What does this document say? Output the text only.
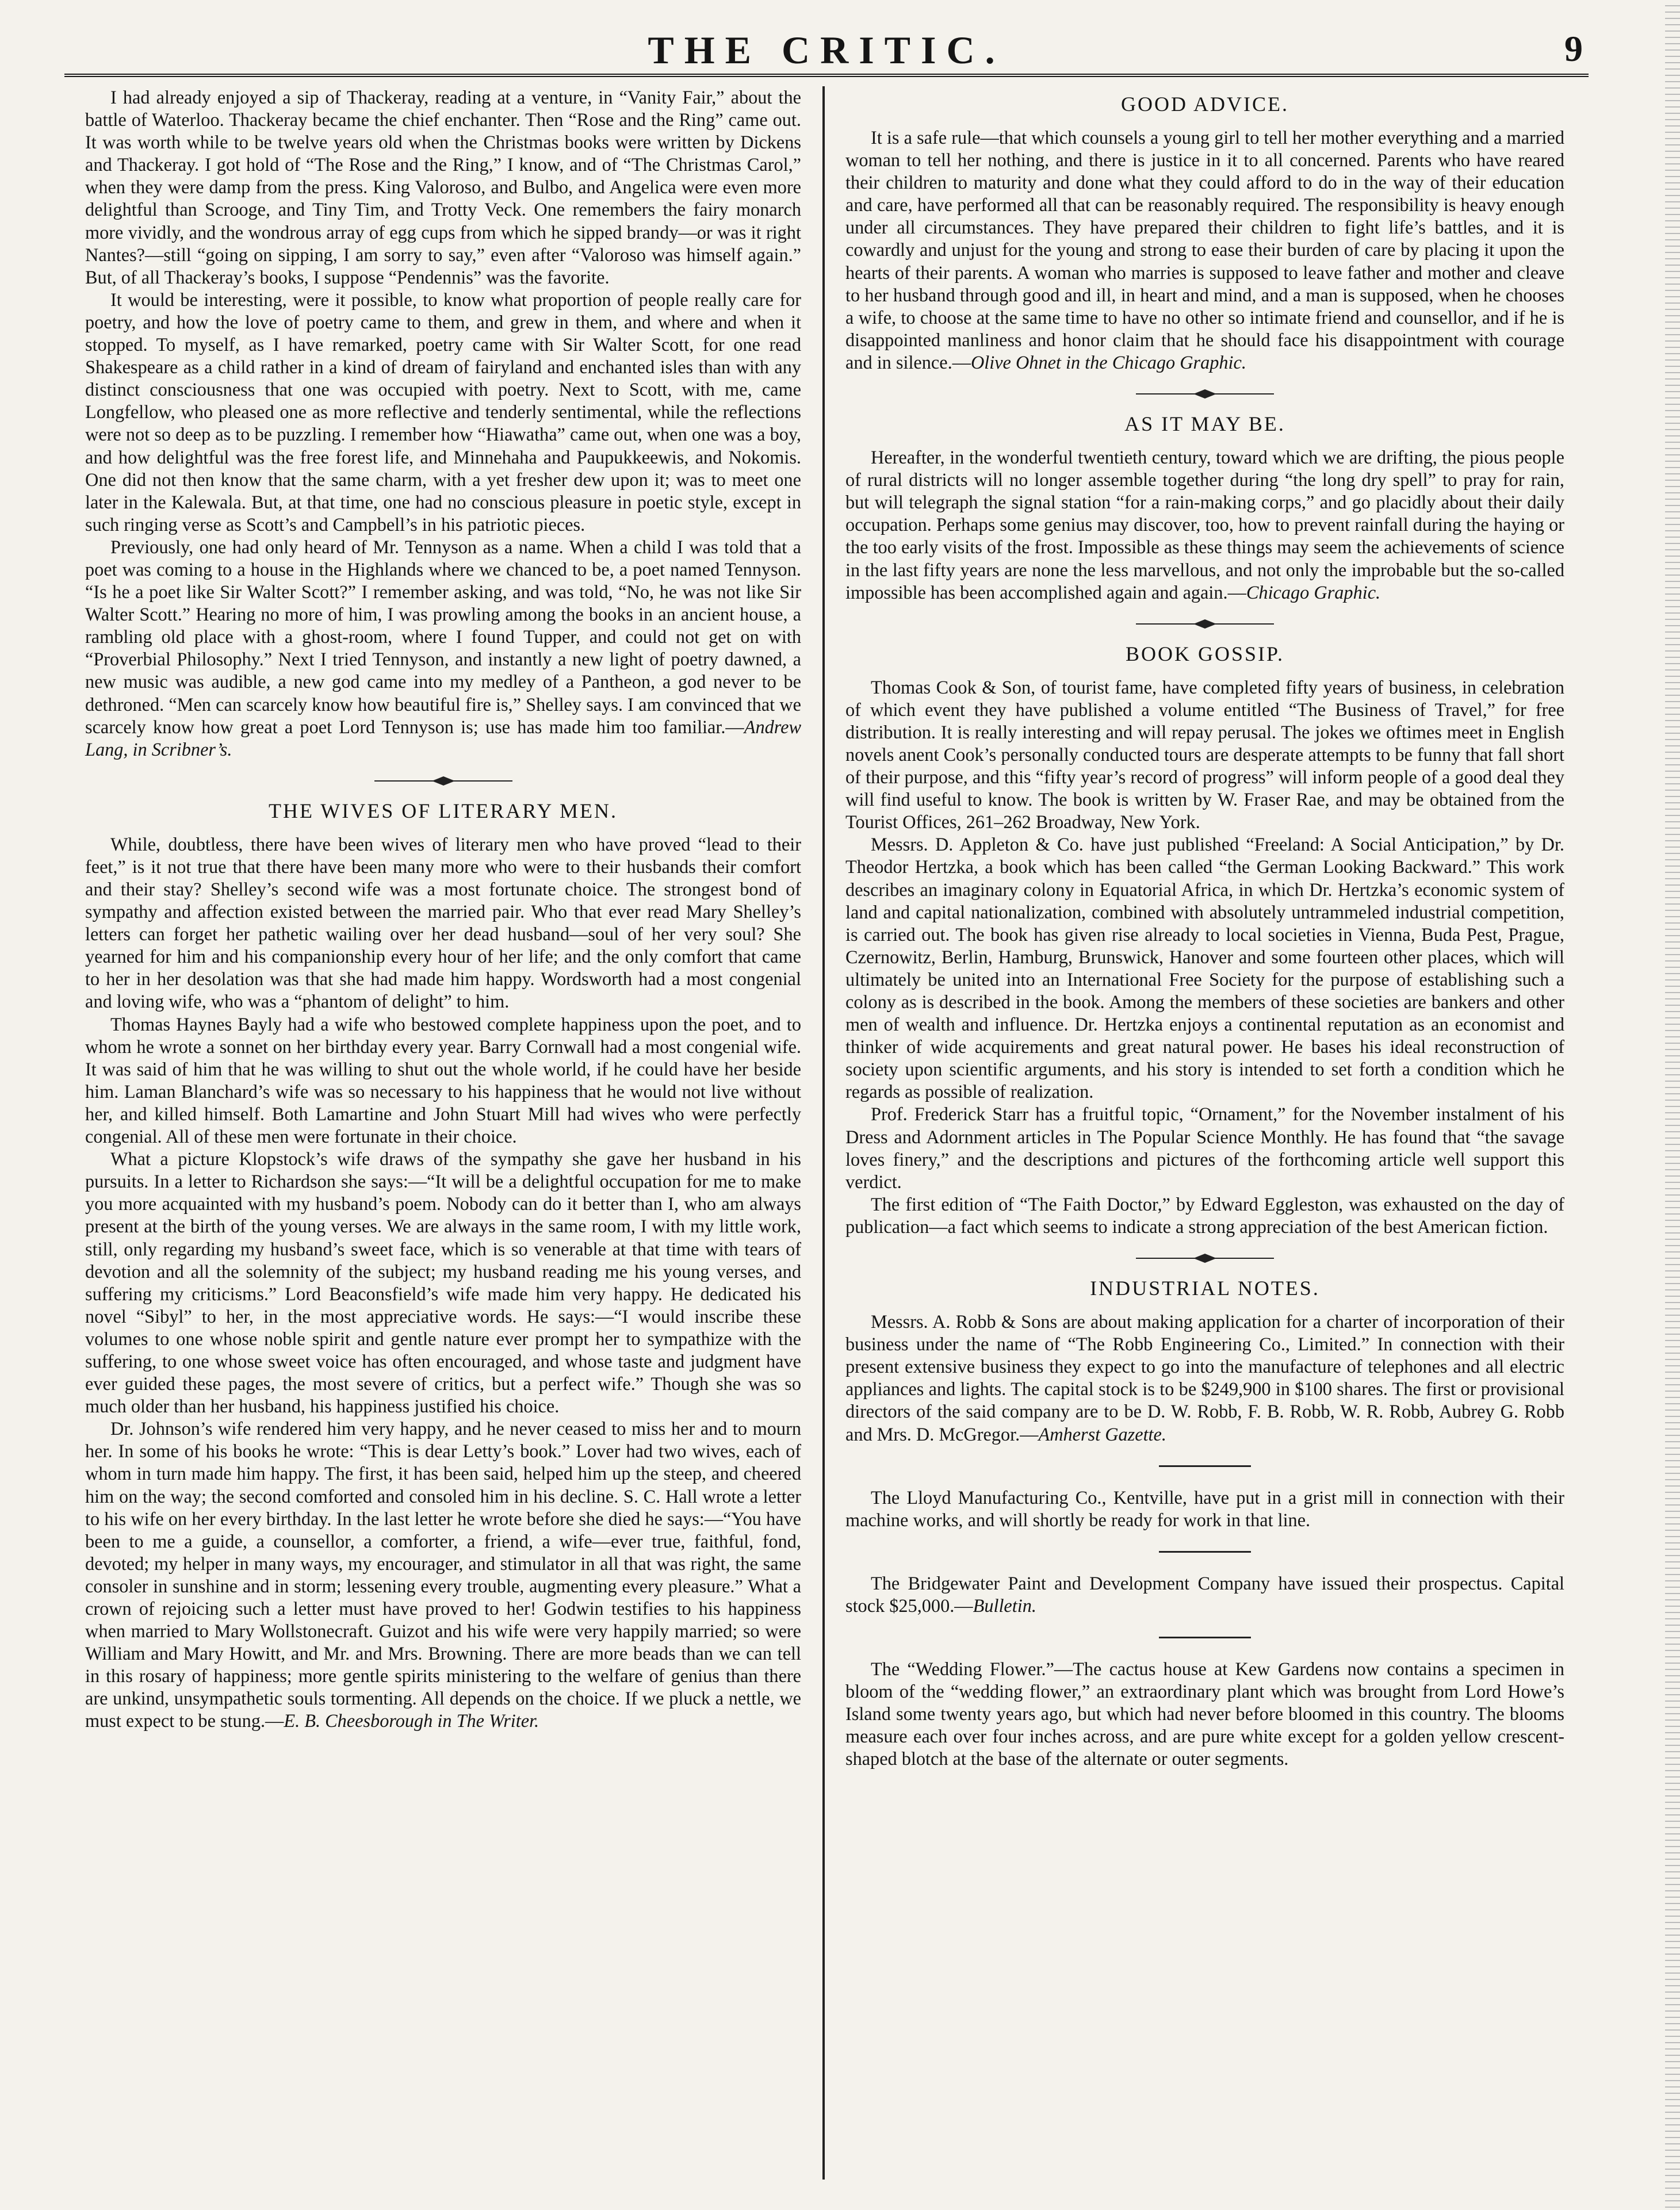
THE CRITIC.	9

I had already enjoyed a sip of Thackeray, reading at a venture, in “Vanity Fair,” about the battle of Waterloo. Thackeray became the chief enchanter. Then “Rose and the Ring” came out. It was worth while to be twelve years old when the Christmas books were written by Dickens and Thackeray. I got hold of “The Rose and the Ring,” I know, and of “The Christmas Carol,” when they were damp from the press. King Valoroso, and Bulbo, and Angelica were even more delightful than Scrooge, and Tiny Tim, and Trotty Veck. One remembers the fairy monarch more vividly, and the wondrous array of egg cups from which he sipped brandy—or was it right Nantes?—still “going on sipping, I am sorry to say,” even after “Valoroso was himself again.” But, of all Thackeray’s books, I suppose “Pendennis” was the favorite.

It would be interesting, were it possible, to know what proportion of people really care for poetry, and how the love of poetry came to them, and grew in them, and where and when it stopped. To myself, as I have remarked, poetry came with Sir Walter Scott, for one read Shakespeare as a child rather in a kind of dream of fairyland and enchanted isles than with any distinct consciousness that one was occupied with poetry. Next to Scott, with me, came Longfellow, who pleased one as more reflective and tenderly sentimental, while the reflections were not so deep as to be puzzling. I remember how “Hiawatha” came out, when one was a boy, and how delightful was the free forest life, and Minnehaha and Paupukkeewis, and Nokomis. One did not then know that the same charm, with a yet fresher dew upon it; was to meet one later in the Kalewala. But, at that time, one had no conscious pleasure in poetic style, except in such ringing verse as Scott’s and Campbell’s in his patriotic pieces.

Previously, one had only heard of Mr. Tennyson as a name. When a child I was told that a poet was coming to a house in the Highlands where we chanced to be, a poet named Tennyson. “Is he a poet like Sir Walter Scott?” I remember asking, and was told, “No, he was not like Sir Walter Scott.” Hearing no more of him, I was prowling among the books in an ancient house, a rambling old place with a ghost-room, where I found Tupper, and could not get on with “Proverbial Philosophy.” Next I tried Tennyson, and instantly a new light of poetry dawned, a new music was audible, a new god came into my medley of a Pantheon, a god never to be dethroned. “Men can scarcely know how beautiful fire is,” Shelley says. I am convinced that we scarcely know how great a poet Lord Tennyson is; use has made him too familiar.—Andrew Lang, in Scribner’s.

THE WIVES OF LITERARY MEN.

While, doubtless, there have been wives of literary men who have proved “lead to their feet,” is it not true that there have been many more who were to their husbands their comfort and their stay? Shelley’s second wife was a most fortunate choice. The strongest bond of sympathy and affection existed between the married pair. Who that ever read Mary Shelley’s letters can forget her pathetic wailing over her dead husband—soul of her very soul? She yearned for him and his companionship every hour of her life; and the only comfort that came to her in her desolation was that she had made him happy. Wordsworth had a most congenial and loving wife, who was a “phantom of delight” to him.

Thomas Haynes Bayly had a wife who bestowed complete happiness upon the poet, and to whom he wrote a sonnet on her birthday every year. Barry Cornwall had a most congenial wife. It was said of him that he was willing to shut out the whole world, if he could have her beside him. Laman Blanchard’s wife was so necessary to his happiness that he would not live without her, and killed himself. Both Lamartine and John Stuart Mill had wives who were perfectly congenial. All of these men were fortunate in their choice.

What a picture Klopstock’s wife draws of the sympathy she gave her husband in his pursuits. In a letter to Richardson she says:—“It will be a delightful occupation for me to make you more acquainted with my husband’s poem. Nobody can do it better than I, who am always present at the birth of the young verses. We are always in the same room, I with my little work, still, only regarding my husband’s sweet face, which is so venerable at that time with tears of devotion and all the solemnity of the subject; my husband reading me his young verses, and suffering my criticisms.” Lord Beaconsfield’s wife made him very happy. He dedicated his novel “Sibyl” to her, in the most appreciative words. He says:—“I would inscribe these volumes to one whose noble spirit and gentle nature ever prompt her to sympathize with the suffering, to one whose sweet voice has often encouraged, and whose taste and judgment have ever guided these pages, the most severe of critics, but a perfect wife.” Though she was so much older than her husband, his happiness justified his choice.

Dr. Johnson’s wife rendered him very happy, and he never ceased to miss her and to mourn her. In some of his books he wrote: “This is dear Letty’s book.” Lover had two wives, each of whom in turn made him happy. The first, it has been said, helped him up the steep, and cheered him on the way; the second comforted and consoled him in his decline. S. C. Hall wrote a letter to his wife on her every birthday. In the last letter he wrote before she died he says:—“You have been to me a guide, a counsellor, a comforter, a friend, a wife—ever true, faithful, fond, devoted; my helper in many ways, my encourager, and stimulator in all that was right, the same consoler in sunshine and in storm; lessening every trouble, augmenting every pleasure.” What a crown of rejoicing such a letter must have proved to her! Godwin testifies to his happiness when married to Mary Wollstonecraft. Guizot and his wife were very happily married; so were William and Mary Howitt, and Mr. and Mrs. Browning. There are more beads than we can tell in this rosary of happiness; more gentle spirits ministering to the welfare of genius than there are unkind, unsympathetic souls tormenting. All depends on the choice. If we pluck a nettle, we must expect to be stung.—E. B. Cheesborough in The Writer.

GOOD ADVICE.

It is a safe rule—that which counsels a young girl to tell her mother everything and a married woman to tell her nothing, and there is justice in it to all concerned. Parents who have reared their children to maturity and done what they could afford to do in the way of their education and care, have performed all that can be reasonably required. The responsibility is heavy enough under all circumstances. They have prepared their children to fight life’s battles, and it is cowardly and unjust for the young and strong to ease their burden of care by placing it upon the hearts of their parents. A woman who marries is supposed to leave father and mother and cleave to her husband through good and ill, in heart and mind, and a man is supposed, when he chooses a wife, to choose at the same time to have no other so intimate friend and counsellor, and if he is disappointed manliness and honor claim that he should face his disappointment with courage and in silence.—Olive Ohnet in the Chicago Graphic.

AS IT MAY BE.

Hereafter, in the wonderful twentieth century, toward which we are drifting, the pious people of rural districts will no longer assemble together during “the long dry spell” to pray for rain, but will telegraph the signal station “for a rain-making corps,” and go placidly about their daily occupation. Perhaps some genius may discover, too, how to prevent rainfall during the haying or the too early visits of the frost. Impossible as these things may seem the achievements of science in the last fifty years are none the less marvellous, and not only the improbable but the so-called impossible has been accomplished again and again.—Chicago Graphic.

BOOK GOSSIP.

Thomas Cook & Son, of tourist fame, have completed fifty years of business, in celebration of which event they have published a volume entitled “The Business of Travel,” for free distribution. It is really interesting and will repay perusal. The jokes we oftimes meet in English novels anent Cook’s personally conducted tours are desperate attempts to be funny that fall short of their purpose, and this “fifty year’s record of progress” will inform people of a good deal they will find useful to know. The book is written by W. Fraser Rae, and may be obtained from the Tourist Offices, 261–262 Broadway, New York.

Messrs. D. Appleton & Co. have just published “Freeland: A Social Anticipation,” by Dr. Theodor Hertzka, a book which has been called “the German Looking Backward.” This work describes an imaginary colony in Equatorial Africa, in which Dr. Hertzka’s economic system of land and capital nationalization, combined with absolutely untrammeled industrial competition, is carried out. The book has given rise already to local societies in Vienna, Buda Pest, Prague, Czernowitz, Berlin, Hamburg, Brunswick, Hanover and some fourteen other places, which will ultimately be united into an International Free Society for the purpose of establishing such a colony as is described in the book. Among the members of these societies are bankers and other men of wealth and influence. Dr. Hertzka enjoys a continental reputation as an economist and thinker of wide acquirements and great natural power. He bases his ideal reconstruction of society upon scientific arguments, and his story is intended to set forth a condition which he regards as possible of realization.

Prof. Frederick Starr has a fruitful topic, “Ornament,” for the November instalment of his Dress and Adornment articles in The Popular Science Monthly. He has found that “the savage loves finery,” and the descriptions and pictures of the forthcoming article well support this verdict.

The first edition of “The Faith Doctor,” by Edward Eggleston, was exhausted on the day of publication—a fact which seems to indicate a strong appreciation of the best American fiction.

INDUSTRIAL NOTES.

Messrs. A. Robb & Sons are about making application for a charter of incorporation of their business under the name of “The Robb Engineering Co., Limited.” In connection with their present extensive business they expect to go into the manufacture of telephones and all electric appliances and lights. The capital stock is to be $249,900 in $100 shares. The first or provisional directors of the said company are to be D. W. Robb, F. B. Robb, W. R. Robb, Aubrey G. Robb and Mrs. D. McGregor.—Amherst Gazette.

The Lloyd Manufacturing Co., Kentville, have put in a grist mill in connection with their machine works, and will shortly be ready for work in that line.

The Bridgewater Paint and Development Company have issued their prospectus. Capital stock $25,000.—Bulletin.

The “Wedding Flower.”—The cactus house at Kew Gardens now contains a specimen in bloom of the “wedding flower,” an extraordinary plant which was brought from Lord Howe’s Island some twenty years ago, but which had never before bloomed in this country. The blooms measure each over four inches across, and are pure white except for a golden yellow crescent-shaped blotch at the base of the alternate or outer segments.
